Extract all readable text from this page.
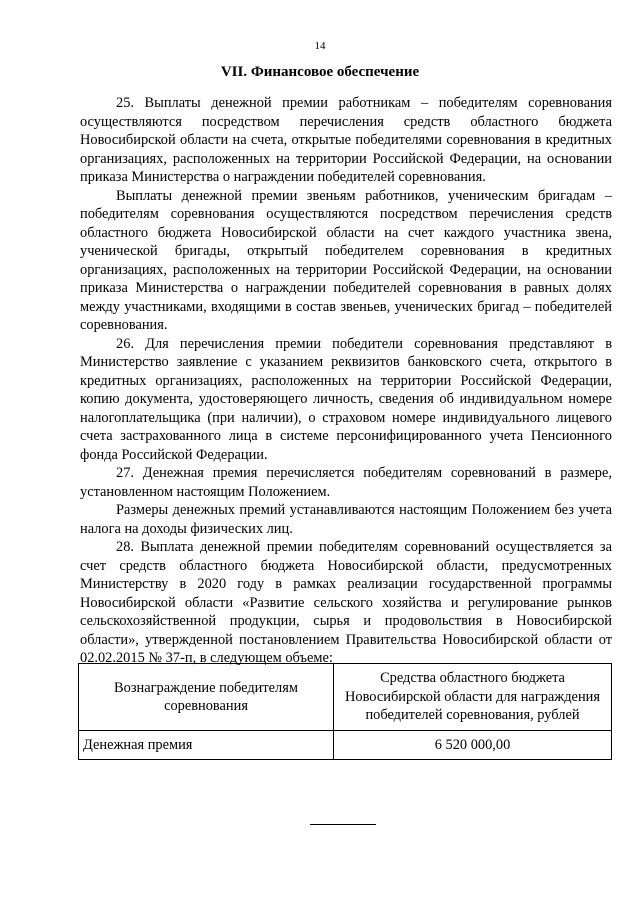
14
VII. Финансовое обеспечение

25. Выплаты денежной премии работникам – победителям соревнования осуществляются посредством перечисления средств областного бюджета Новосибирской области на счета, открытые победителями соревнования в кредитных организациях, расположенных на территории Российской Федерации, на основании приказа Министерства о награждении победителей соревнования.

Выплаты денежной премии звеньям работников, ученическим бригадам – победителям соревнования осуществляются посредством перечисления средств областного бюджета Новосибирской области на счет каждого участника звена, ученической бригады, открытый победителем соревнования в кредитных организациях, расположенных на территории Российской Федерации, на основании приказа Министерства о награждении победителей соревнования в равных долях между участниками, входящими в состав звеньев, ученических бригад – победителей соревнования.

26. Для перечисления премии победители соревнования представляют в Министерство заявление с указанием реквизитов банковского счета, открытого в кредитных организациях, расположенных на территории Российской Федерации, копию документа, удостоверяющего личность, сведения об индивидуальном номере налогоплательщика (при наличии), о страховом номере индивидуального лицевого счета застрахованного лица в системе персонифицированного учета Пенсионного фонда Российской Федерации.

27. Денежная премия перечисляется победителям соревнований в размере, установленном настоящим Положением.

Размеры денежных премий устанавливаются настоящим Положением без учета налога на доходы физических лиц.

28. Выплата денежной премии победителям соревнований осуществляется за счет средств областного бюджета Новосибирской области, предусмотренных Министерству в 2020 году в рамках реализации государственной программы Новосибирской области «Развитие сельского хозяйства и регулирование рынков сельскохозяйственной продукции, сырья и продовольствия в Новосибирской области», утвержденной постановлением Правительства Новосибирской области от 02.02.2015 № 37-п, в следующем объеме:

Вознаграждение победителям соревнования	Средства областного бюджета Новосибирской области для награждения победителей соревнования, рублей
Денежная премия	6 520 000,00
